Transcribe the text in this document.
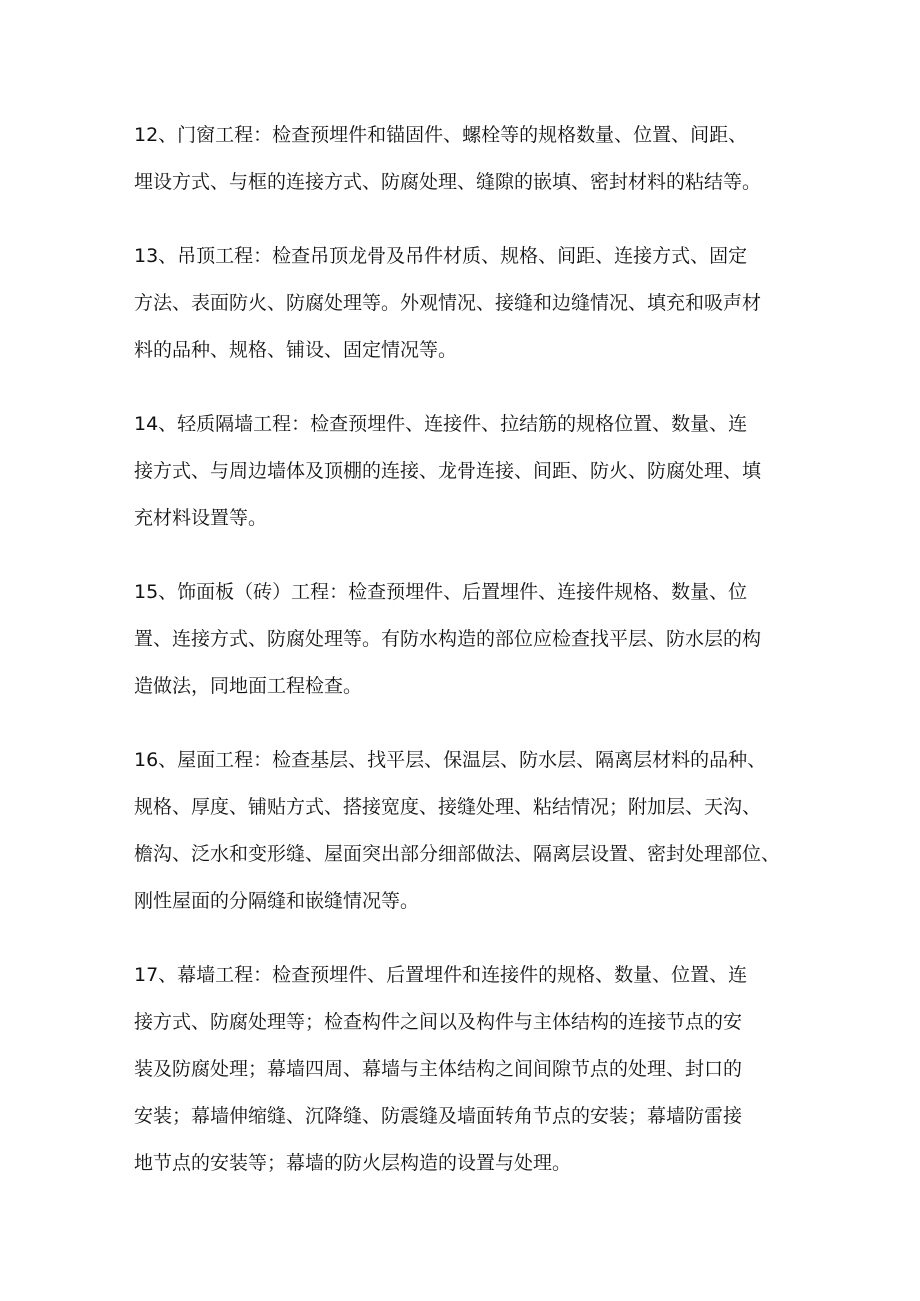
12、门窗工程：检查预埋件和锚固件、螺栓等的规格数量、位置、间距、
埋设方式、与框的连接方式、防腐处理、缝隙的嵌填、密封材料的粘结等。

13、吊顶工程：检查吊顶龙骨及吊件材质、规格、间距、连接方式、固定
方法、表面防火、防腐处理等。外观情况、接缝和边缝情况、填充和吸声材
料的品种、规格、铺设、固定情况等。

14、轻质隔墙工程：检查预埋件、连接件、拉结筋的规格位置、数量、连
接方式、与周边墙体及顶棚的连接、龙骨连接、间距、防火、防腐处理、填
充材料设置等。

15、饰面板（砖）工程：检查预埋件、后置埋件、连接件规格、数量、位
置、连接方式、防腐处理等。有防水构造的部位应检查找平层、防水层的构
造做法，同地面工程检查。

16、屋面工程：检查基层、找平层、保温层、防水层、隔离层材料的品种、
规格、厚度、铺贴方式、搭接宽度、接缝处理、粘结情况；附加层、天沟、
檐沟、泛水和变形缝、屋面突出部分细部做法、隔离层设置、密封处理部位、
刚性屋面的分隔缝和嵌缝情况等。

17、幕墙工程：检查预埋件、后置埋件和连接件的规格、数量、位置、连
接方式、防腐处理等；检查构件之间以及构件与主体结构的连接节点的安
装及防腐处理；幕墙四周、幕墙与主体结构之间间隙节点的处理、封口的
安装；幕墙伸缩缝、沉降缝、防震缝及墙面转角节点的安装；幕墙防雷接
地节点的安装等；幕墙的防火层构造的设置与处理。
